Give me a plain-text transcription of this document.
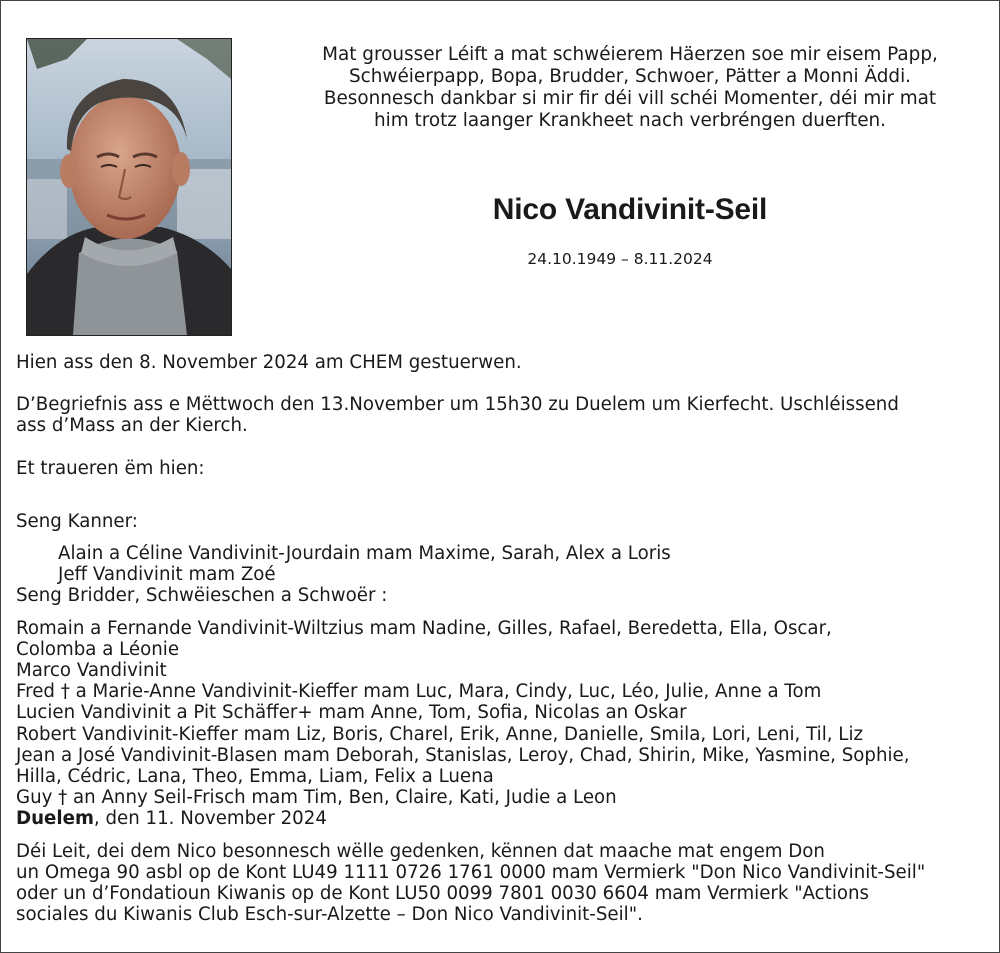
Mat grousser Léift a mat schwéierem Häerzen soe mir eisem Papp,
Schwéierpapp, Bopa, Brudder, Schwoer, Pätter a Monni Äddi.
Besonnesch dankbar si mir fir déi vill schéi Momenter, déi mir mat
him trotz laanger Krankheet nach verbréngen duerften.
Nico Vandivinit-Seil
24.10.1949 – 8.11.2024
Hien ass den 8. November 2024 am CHEM gestuerwen.
D’Begriefnis ass e Mëttwoch den 13.November um 15h30 zu Duelem um Kierfecht. Uschléissend
ass d’Mass an der Kierch.
Et traueren ëm hien:
Seng Kanner:
Alain a Céline Vandivinit-Jourdain mam Maxime, Sarah, Alex a Loris
Jeff Vandivinit mam Zoé
Seng Bridder, Schwëieschen a Schwoër :
Romain a Fernande Vandivinit-Wiltzius mam Nadine, Gilles, Rafael, Beredetta, Ella, Oscar,
Colomba a Léonie
Marco Vandivinit
Fred † a Marie-Anne Vandivinit-Kieffer mam Luc, Mara, Cindy, Luc, Léo, Julie, Anne a Tom
Lucien Vandivinit a Pit Schäffer+ mam Anne, Tom, Sofia, Nicolas an Oskar
Robert Vandivinit-Kieffer mam Liz, Boris, Charel, Erik, Anne, Danielle, Smila, Lori, Leni, Til, Liz
Jean a José Vandivinit-Blasen mam Deborah, Stanislas, Leroy, Chad, Shirin, Mike, Yasmine, Sophie,
Hilla, Cédric, Lana, Theo, Emma, Liam, Felix a Luena
Guy † an Anny Seil-Frisch mam Tim, Ben, Claire, Kati, Judie a Leon
Duelem, den 11. November 2024
Déi Leit, dei dem Nico besonnesch wëlle gedenken, kënnen dat maache mat engem Don
un Omega 90 asbl op de Kont LU49 1111 0726 1761 0000 mam Vermierk "Don Nico Vandivinit-Seil"
oder un d’Fondatioun Kiwanis op de Kont LU50 0099 7801 0030 6604 mam Vermierk "Actions
sociales du Kiwanis Club Esch-sur-Alzette – Don Nico Vandivinit-Seil".
